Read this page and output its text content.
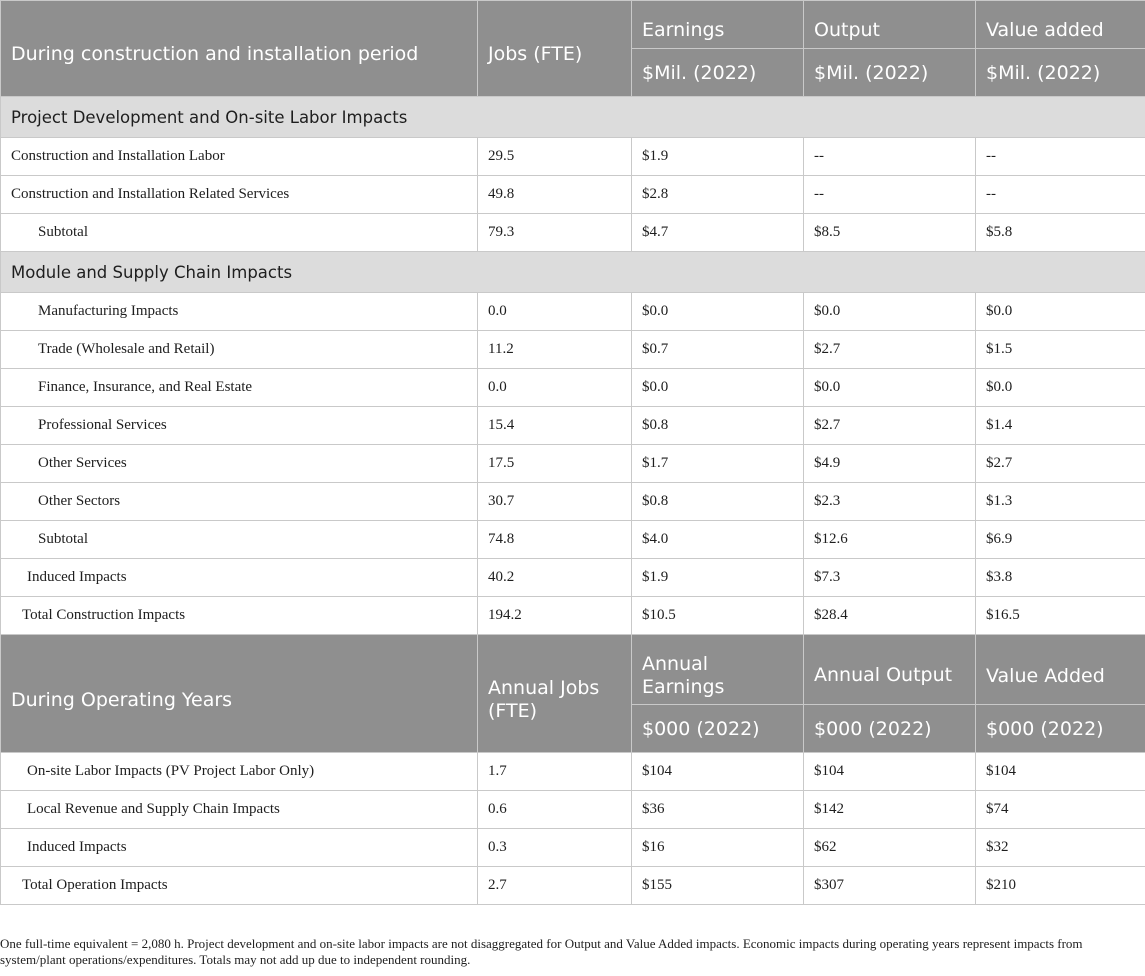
During construction and installation period	Jobs (FTE)	Earnings	Output	Value added
		$Mil. (2022)	$Mil. (2022)	$Mil. (2022)
Project Development and On-site Labor Impacts				
Construction and Installation Labor	29.5	$1.9	--	--
Construction and Installation Related Services	49.8	$2.8	--	--
Subtotal	79.3	$4.7	$8.5	$5.8
Module and Supply Chain Impacts				
Manufacturing Impacts	0.0	$0.0	$0.0	$0.0
Trade (Wholesale and Retail)	11.2	$0.7	$2.7	$1.5
Finance, Insurance, and Real Estate	0.0	$0.0	$0.0	$0.0
Professional Services	15.4	$0.8	$2.7	$1.4
Other Services	17.5	$1.7	$4.9	$2.7
Other Sectors	30.7	$0.8	$2.3	$1.3
Subtotal	74.8	$4.0	$12.6	$6.9
Induced Impacts	40.2	$1.9	$7.3	$3.8
Total Construction Impacts	194.2	$10.5	$28.4	$16.5
During Operating Years	Annual Jobs (FTE)	Annual Earnings	Annual Output	Value Added
		$000 (2022)	$000 (2022)	$000 (2022)
On-site Labor Impacts (PV Project Labor Only)	1.7	$104	$104	$104
Local Revenue and Supply Chain Impacts	0.6	$36	$142	$74
Induced Impacts	0.3	$16	$62	$32
Total Operation Impacts	2.7	$155	$307	$210

One full-time equivalent = 2,080 h. Project development and on-site labor impacts are not disaggregated for Output and Value Added impacts. Economic impacts during operating years represent impacts from system/plant operations/expenditures. Totals may not add up due to independent rounding.
